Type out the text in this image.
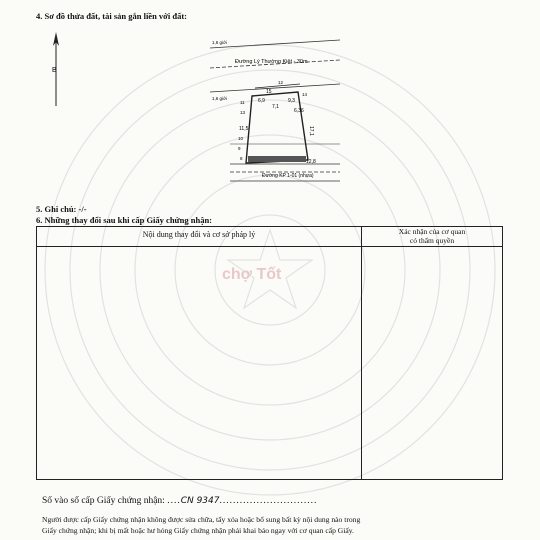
4. Sơ đồ thửa đất, tài sản gắn liền với đất:
B
Đường Lý Thường Kiệt - 30m
1,6 giới
1,6 giới
15
6,9	9,3
7,1
6,36
11,5	17,1
12,8
Đường KP 1-01 (nhựa)
12
13
11
10
9
8
14
5. Ghi chú: -/-
6. Những thay đổi sau khi cấp Giấy chứng nhận:
Nội dung thay đổi và cơ sở pháp lý	Xác nhận của cơ quan
có thẩm quyền
chợ Tốt
Số vào sổ cấp Giấy chứng nhận: ....CN 9347.............................
Người được cấp Giấy chứng nhận không được sửa chữa, tẩy xóa hoặc bổ sung bất kỳ nội dung nào trong
Giấy chứng nhận; khi bị mất hoặc hư hỏng Giấy chứng nhận phải khai báo ngay với cơ quan cấp Giấy.
